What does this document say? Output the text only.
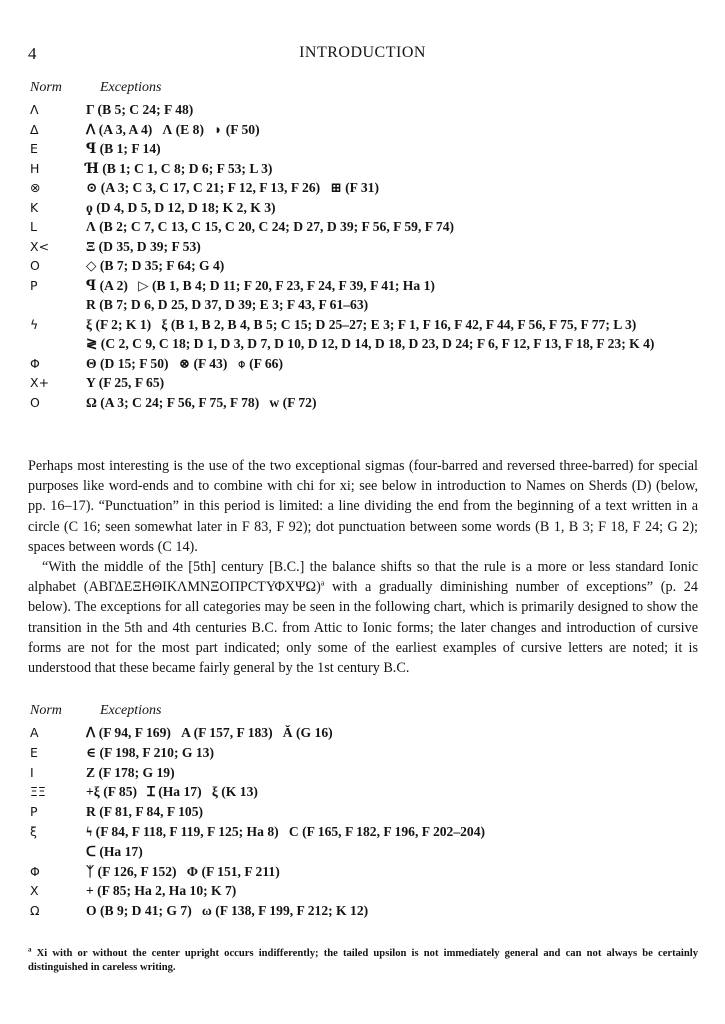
4	INTRODUCTION
Norm	Exceptions
Λ	Γ (B 5; C 24; F 48)
Δ	ᐱ (A 3, A 4)   Λ (E 8)   ◗ (F 50)
E	ꟼ (B 1; F 14)
H	Ɦ (B 1; C 1, C 8; D 6; F 53; L 3)
⊗	⊙ (A 3; C 3, C 17, C 21; F 12, F 13, F 26)   ⊞ (F 31)
K	ϙ (D 4, D 5, D 12, D 18; K 2, K 3)
L	Λ (B 2; C 7, C 13, C 15, C 20, C 24; D 27, D 39; F 56, F 59, F 74)
X<	Ξ (D 35, D 39; F 53)
O	◇ (B 7; D 35; F 64; G 4)
P	ꟼ (A 2)   ▷ (B 1, B 4; D 11; F 20, F 23, F 24, F 39, F 41; Ha 1)
R (B 7; D 6, D 25, D 37, D 39; E 3; F 43, F 61–63)
ϟ	ξ (F 2; K 1)   ξ (B 1, B 2, B 4, B 5; C 15; D 25–27; E 3; F 1, F 16, F 42, F 44, F 56, F 75, F 77; L 3)
≷ (C 2, C 9, C 18; D 1, D 3, D 7, D 10, D 12, D 14, D 18, D 23, D 24; F 6, F 12, F 13, F 18, F 23; K 4)
Φ	Θ (D 15; F 50)   ⊗ (F 43)   ⌽ (F 66)
X+	Y (F 25, F 65)
O	Ω (A 3; C 24; F 56, F 75, F 78)   w (F 72)

Perhaps most interesting is the use of the two exceptional sigmas (four-barred and reversed three-barred) for special purposes like word-ends and to combine with chi for xi; see below in introduction to Names on Sherds (D) (below, pp. 16–17). “Punctuation” in this period is limited: a line dividing the end from the beginning of a text written in a circle (C 16; seen somewhat later in F 83, F 92); dot punctuation between some words (B 1, B 3; F 18, F 24; G 2); spaces between words (C 14).

“With the middle of the [5th] century [B.C.] the balance shifts so that the rule is a more or less standard Ionic alphabet $(AB\Gamma\Delta E\Xi H\Theta IK\Lambda MN\Xi O\Pi PϹT\Upsilon\Phi X\Psi\Omega)^a$ with a gradually diminishing number of exceptions” (p. 24 below). The exceptions for all categories may be seen in the following chart, which is primarily designed to show the transition in the 5th and 4th centuries B.C. from Attic to Ionic forms; the later changes and introduction of cursive forms are not for the most part indicated; only some of the earliest examples of cursive letters are noted; it is understood that these became fairly general by the 1st century B.C.

Norm	Exceptions
A	ᐱ (F 94, F 169)   A (F 157, F 183)   Ă (G 16)
E	∈ (F 198, F 210; G 13)
I	Z (F 178; G 19)
ΞΞ	+ξ (F 85)   Ɪ (Ha 17)   ξ (K 13)
P	R (F 81, F 84, F 105)
ξ	ϟ (F 84, F 118, F 119, F 125; Ha 8)   C (F 165, F 182, F 196, F 202–204)
ᑕ (Ha 17)
Φ	ᛉ (F 126, F 152)   Φ (F 151, F 211)
X	+ (F 85; Ha 2, Ha 10; K 7)
Ω	O (B 9; D 41; G 7)   ω (F 138, F 199, F 212; K 12)
$^a$ Xi with or without the center upright occurs indifferently; the tailed upsilon is not immediately general and can not always be certainly distinguished in careless writing.
